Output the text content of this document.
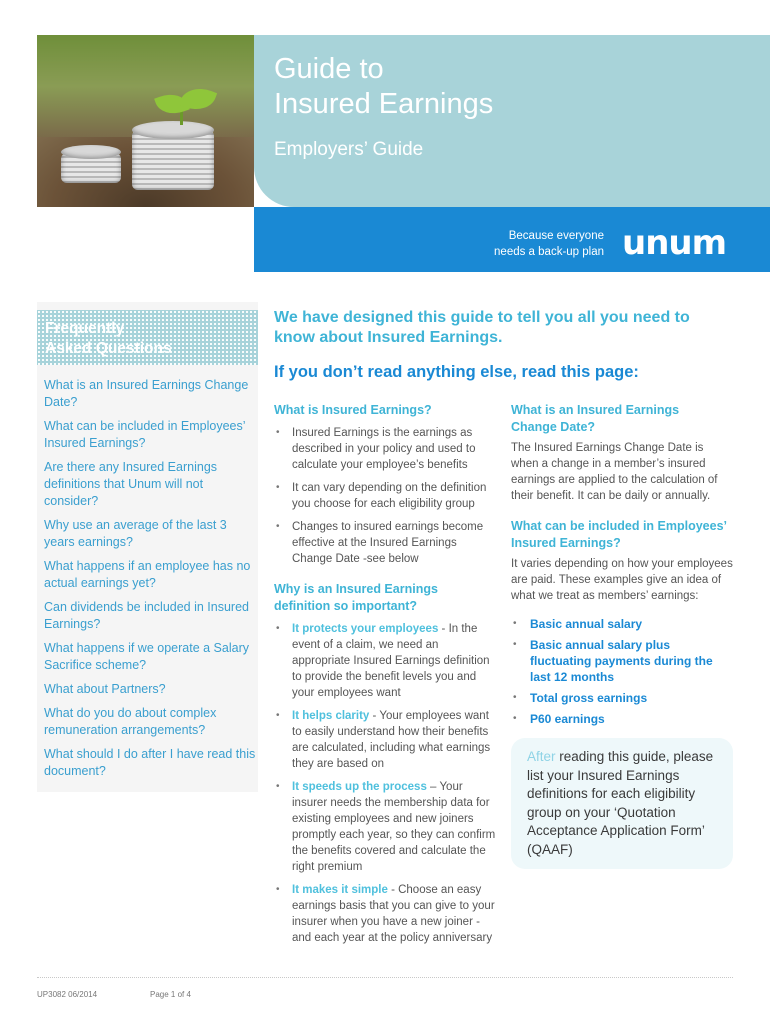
Guide to
Insured Earnings
Employers’ Guide
Because everyone
needs a back-up plan unum
Frequently
Asked Questions
What is an Insured Earnings Change Date?
What can be included in Employees’ Insured Earnings?
Are there any Insured Earnings definitions that Unum will not consider?
Why use an average of the last 3 years earnings?
What happens if an employee has no actual earnings yet?
Can dividends be included in Insured Earnings?
What happens if we operate a Salary Sacrifice scheme?
What about Partners?
What do you do about complex remuneration arrangements?
What should I do after I have read this document?
We have designed this guide to tell you all you need to know about Insured Earnings.
If you don’t read anything else, read this page:
What is Insured Earnings?
• Insured Earnings is the earnings as described in your policy and used to calculate your employee’s benefits
• It can vary depending on the definition you choose for each eligibility group
• Changes to insured earnings become effective at the Insured Earnings Change Date -see below
Why is an Insured Earnings definition so important?
• It protects your employees - In the event of a claim, we need an appropriate Insured Earnings definition to provide the benefit levels you and your employees want
• It helps clarity - Your employees want to easily understand how their benefits are calculated, including what earnings they are based on
• It speeds up the process – Your insurer needs the membership data for existing employees and new joiners promptly each year, so they can confirm the benefits covered and calculate the right premium
• It makes it simple - Choose an easy earnings basis that you can give to your insurer when you have a new joiner - and each year at the policy anniversary
What is an Insured Earnings Change Date?
The Insured Earnings Change Date is when a change in a member’s insured earnings are applied to the calculation of their benefit. It can be daily or annually.
What can be included in Employees’ Insured Earnings?
It varies depending on how your employees are paid. These examples give an idea of what we treat as members’ earnings:
• Basic annual salary
• Basic annual salary plus fluctuating payments during the last 12 months
• Total gross earnings
• P60 earnings
After reading this guide, please list your Insured Earnings definitions for each eligibility group on your ‘Quotation Acceptance Application Form’ (QAAF)
UP3082 06/2014	Page 1 of 4
